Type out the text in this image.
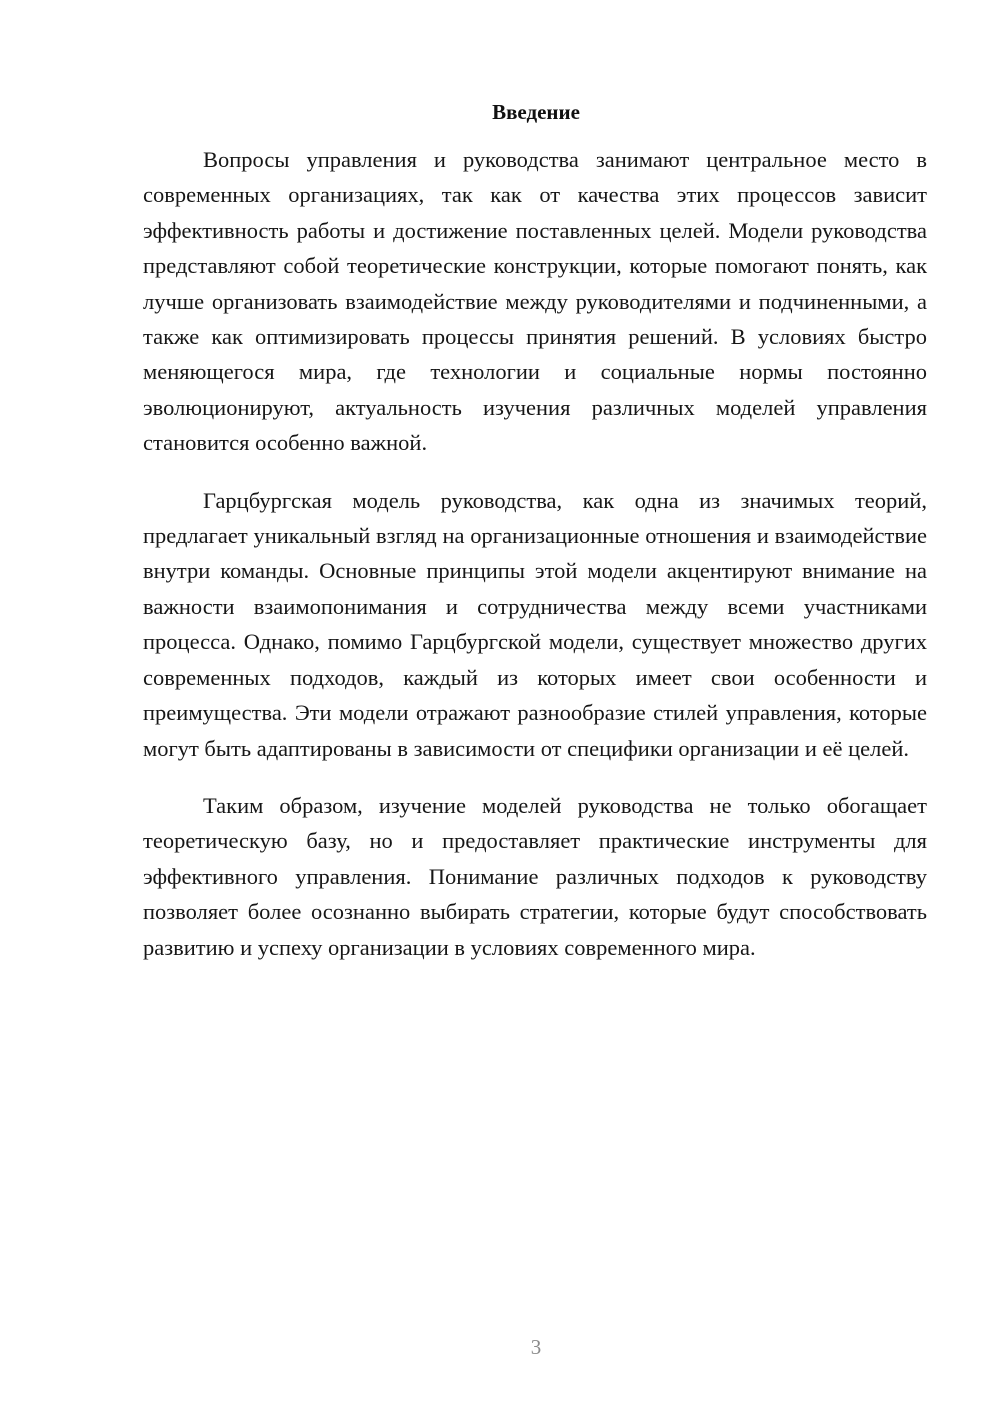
Введение

Вопросы управления и руководства занимают центральное место в современных организациях, так как от качества этих процессов зависит эффективность работы и достижение поставленных целей. Модели руководства представляют собой теоретические конструкции, которые помогают понять, как лучше организовать взаимодействие между руководителями и подчиненными, а также как оптимизировать процессы принятия решений. В условиях быстро меняющегося мира, где технологии и социальные нормы постоянно эволюционируют, актуальность изучения различных моделей управления становится особенно важной.

Гарцбургская модель руководства, как одна из значимых теорий, предлагает уникальный взгляд на организационные отношения и взаимодействие внутри команды. Основные принципы этой модели акцентируют внимание на важности взаимопонимания и сотрудничества между всеми участниками процесса. Однако, помимо Гарцбургской модели, существует множество других современных подходов, каждый из которых имеет свои особенности и преимущества. Эти модели отражают разнообразие стилей управления, которые могут быть адаптированы в зависимости от специфики организации и её целей.

Таким образом, изучение моделей руководства не только обогащает теоретическую базу, но и предоставляет практические инструменты для эффективного управления. Понимание различных подходов к руководству позволяет более осознанно выбирать стратегии, которые будут способствовать развитию и успеху организации в условиях современного мира.

3
